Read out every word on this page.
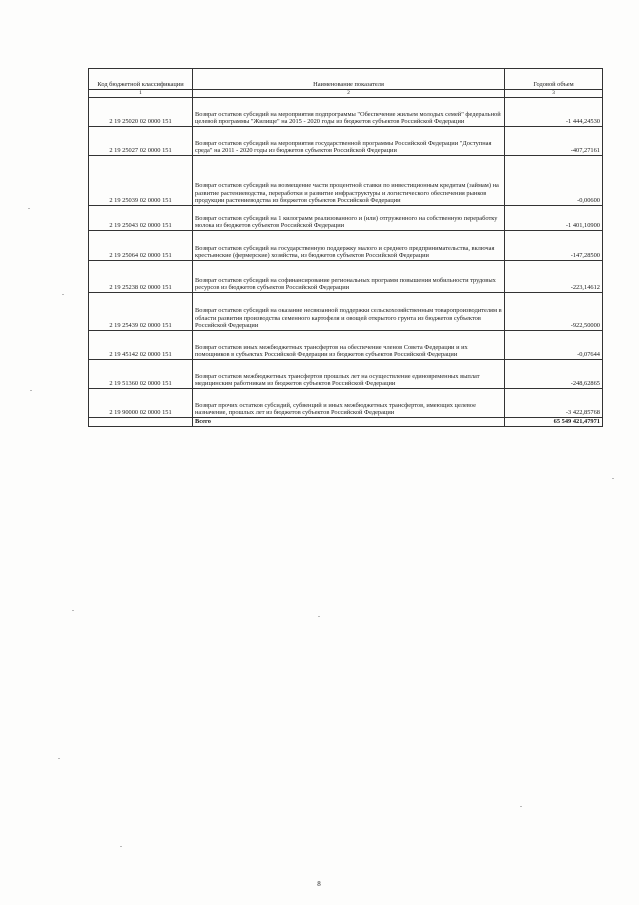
Код бюджетной классификации	Наименование показателя	Годовой объем
1	2	3
2 19 25020 02 0000 151	Возврат остатков субсидий на мероприятия подпрограммы "Обеспечение жильем молодых семей" федеральной целевой программы "Жилище" на 2015 - 2020 годы из бюджетов субъектов Российской Федерации	-1 444,24530
2 19 25027 02 0000 151	Возврат остатков субсидий на мероприятия государственной программы Российской Федерации "Доступная среда" на 2011 - 2020 годы из бюджетов субъектов Российской Федерации	-407,27161
2 19 25039 02 0000 151	Возврат остатков субсидий на возмещение части процентной ставки по инвестиционным кредитам (займам) на развитие растениеводства, переработки и развитие инфраструктуры и логистического обеспечения рынков продукции растениеводства из бюджетов субъектов Российской Федерации	-0,00600
2 19 25043 02 0000 151	Возврат остатков субсидий на 1 килограмм реализованного и (или) отгруженного на собственную переработку молока из бюджетов субъектов Российской Федерации	-1 401,10900
2 19 25064 02 0000 151	Возврат остатков субсидий на государственную поддержку малого и среднего предпринимательства, включая крестьянские (фермерские) хозяйства, из бюджетов субъектов Российской Федерации	-147,28500
2 19 25238 02 0000 151	Возврат остатков субсидий на софинансирование региональных программ повышения мобильности трудовых ресурсов из бюджетов субъектов Российской Федерации	-223,14612
2 19 25439 02 0000 151	Возврат остатков субсидий на оказание несвязанной поддержки сельскохозяйственным товаропроизводителям в области развития производства семенного картофеля и овощей открытого грунта из бюджетов субъектов Российской Федерации	-922,50000
2 19 45142 02 0000 151	Возврат остатков иных межбюджетных трансфертов на обеспечение членов Совета Федерации и их помощников в субъектах Российской Федерации из бюджетов субъектов Российской Федерации	-0,07644
2 19 51360 02 0000 151	Возврат остатков межбюджетных трансфертов прошлых лет на осуществление единовременных выплат медицинским работникам из бюджетов субъектов Российской Федерации	-248,62865
2 19 90000 02 0000 151	Возврат прочих остатков субсидий, субвенций и иных межбюджетных трансфертов, имеющих целевое назначение, прошлых лет из бюджетов субъектов Российской Федерации	-3 422,85768
	Всего	65 549 421,47971
8
